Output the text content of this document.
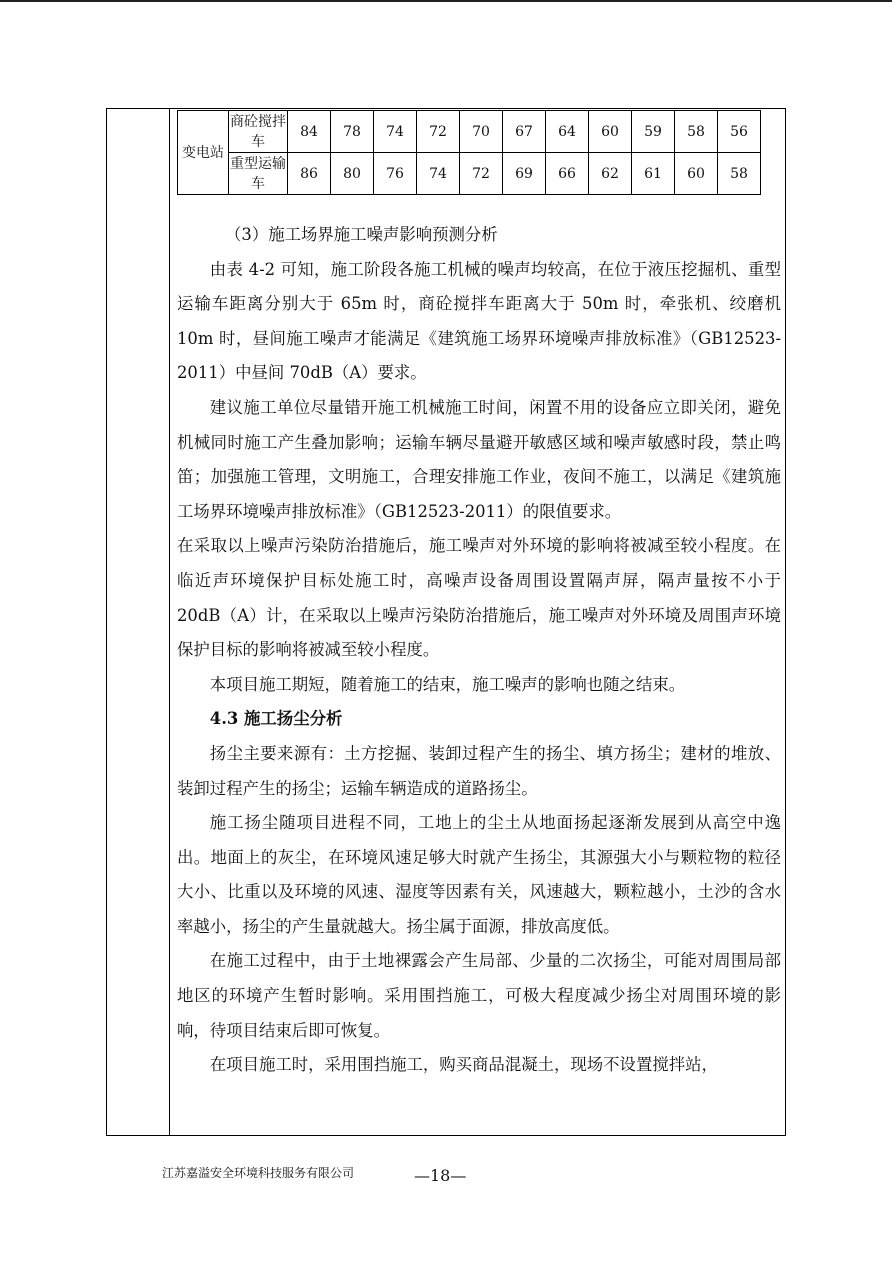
变电站	商砼搅拌车	84	78	74	72	70	67	64	60	59	58	56
	重型运输车	86	80	76	74	72	69	66	62	61	60	58

（3）施工场界施工噪声影响预测分析

由表 4-2 可知，施工阶段各施工机械的噪声均较高，在位于液压挖掘机、重型运输车距离分别大于 65m 时，商砼搅拌车距离大于 50m 时，牵张机、绞磨机 10m 时，昼间施工噪声才能满足《建筑施工场界环境噪声排放标准》（GB12523-2011）中昼间 70dB（A）要求。

建议施工单位尽量错开施工机械施工时间，闲置不用的设备应立即关闭，避免机械同时施工产生叠加影响；运输车辆尽量避开敏感区域和噪声敏感时段，禁止鸣笛；加强施工管理，文明施工，合理安排施工作业，夜间不施工，以满足《建筑施工场界环境噪声排放标准》（GB12523-2011）的限值要求。

在采取以上噪声污染防治措施后，施工噪声对外环境的影响将被减至较小程度。在临近声环境保护目标处施工时，高噪声设备周围设置隔声屏，隔声量按不小于 20dB（A）计，在采取以上噪声污染防治措施后，施工噪声对外环境及周围声环境保护目标的影响将被减至较小程度。

本项目施工期短，随着施工的结束，施工噪声的影响也随之结束。

4.3 施工扬尘分析

扬尘主要来源有：土方挖掘、装卸过程产生的扬尘、填方扬尘；建材的堆放、装卸过程产生的扬尘；运输车辆造成的道路扬尘。

施工扬尘随项目进程不同，工地上的尘土从地面扬起逐渐发展到从高空中逸出。地面上的灰尘，在环境风速足够大时就产生扬尘，其源强大小与颗粒物的粒径大小、比重以及环境的风速、湿度等因素有关，风速越大，颗粒越小，土沙的含水率越小，扬尘的产生量就越大。扬尘属于面源，排放高度低。

在施工过程中，由于土地裸露会产生局部、少量的二次扬尘，可能对周围局部地区的环境产生暂时影响。采用围挡施工，可极大程度减少扬尘对周围环境的影响，待项目结束后即可恢复。

在项目施工时，采用围挡施工，购买商品混凝土，现场不设置搅拌站，

江苏嘉溢安全环境科技服务有限公司	—18—
